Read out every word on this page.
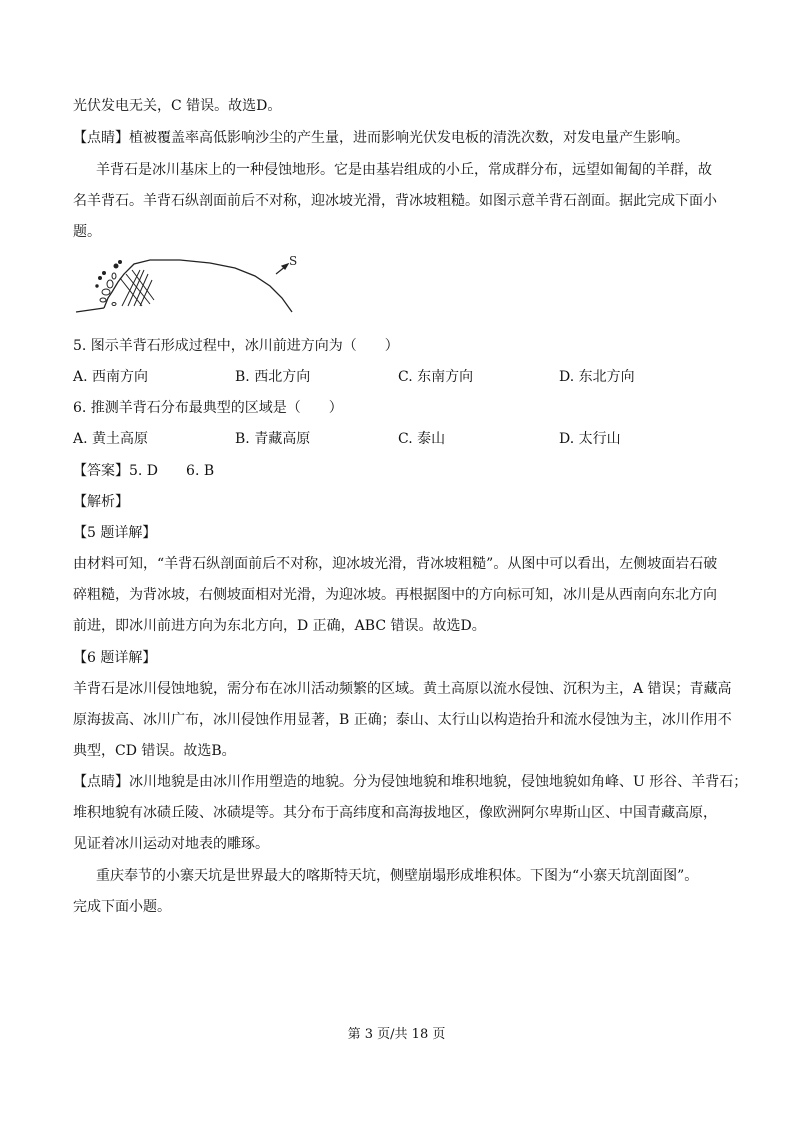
光伏发电无关，C 错误。故选D。
【点睛】植被覆盖率高低影响沙尘的产生量，进而影响光伏发电板的清洗次数，对发电量产生影响。
羊背石是冰川基床上的一种侵蚀地形。它是由基岩组成的小丘，常成群分布，远望如匍匐的羊群，故
名羊背石。羊背石纵剖面前后不对称，迎冰坡光滑，背冰坡粗糙。如图示意羊背石剖面。据此完成下面小
题。
S
5. 图示羊背石形成过程中，冰川前进方向为（　　）
A. 西南方向	B. 西北方向	C. 东南方向	D. 东北方向
6. 推测羊背石分布最典型的区域是（　　）
A. 黄土高原	B. 青藏高原	C. 泰山	D. 太行山
【答案】5. D　　6. B
【解析】
【5 题详解】
由材料可知，“羊背石纵剖面前后不对称，迎冰坡光滑，背冰坡粗糙”。从图中可以看出，左侧坡面岩石破
碎粗糙，为背冰坡，右侧坡面相对光滑，为迎冰坡。再根据图中的方向标可知，冰川是从西南向东北方向
前进，即冰川前进方向为东北方向，D 正确，ABC 错误。故选D。
【6 题详解】
羊背石是冰川侵蚀地貌，需分布在冰川活动频繁的区域。黄土高原以流水侵蚀、沉积为主，A 错误；青藏高
原海拔高、冰川广布，冰川侵蚀作用显著，B 正确；泰山、太行山以构造抬升和流水侵蚀为主，冰川作用不
典型，CD 错误。故选B。
【点睛】冰川地貌是由冰川作用塑造的地貌。分为侵蚀地貌和堆积地貌，侵蚀地貌如角峰、U 形谷、羊背石；
堆积地貌有冰碛丘陵、冰碛堤等。其分布于高纬度和高海拔地区，像欧洲阿尔卑斯山区、中国青藏高原，
见证着冰川运动对地表的雕琢。
重庆奉节的小寨天坑是世界最大的喀斯特天坑，侧壁崩塌形成堆积体。下图为“小寨天坑剖面图”。
完成下面小题。
第 3 页/共 18 页
